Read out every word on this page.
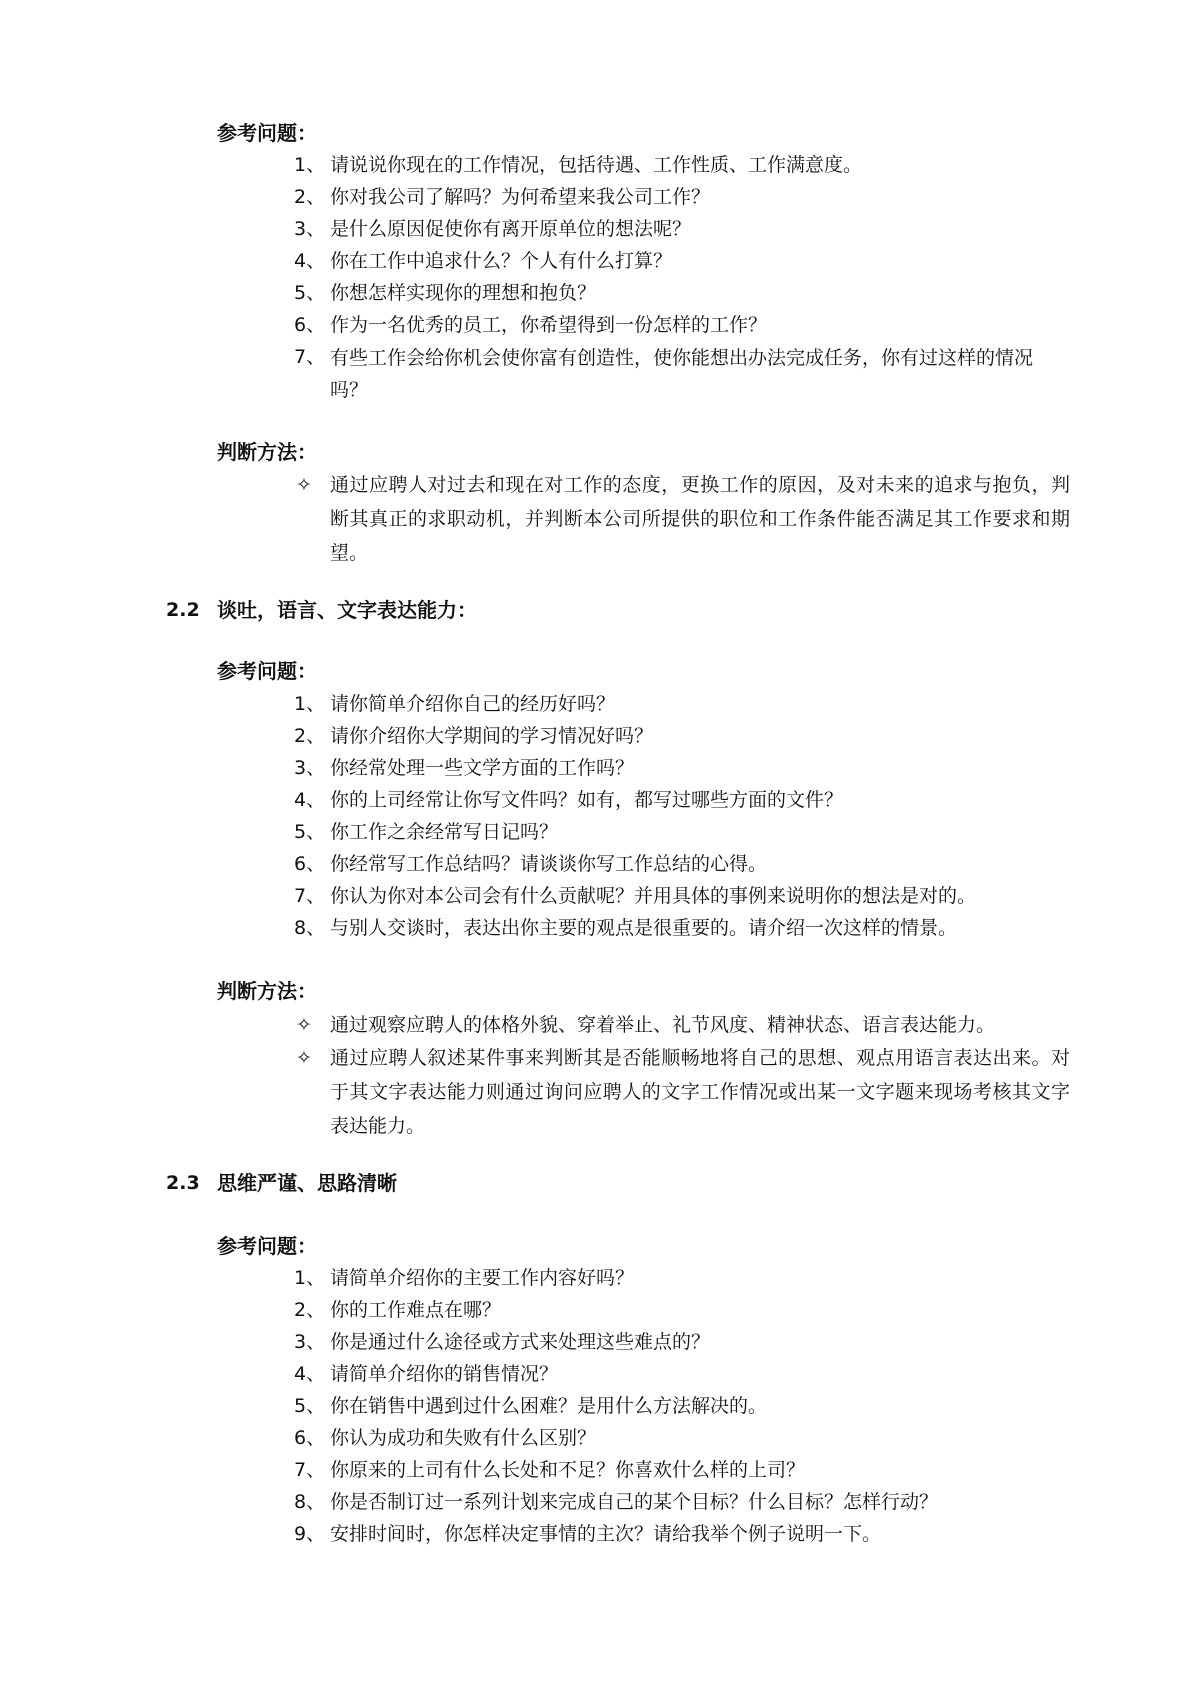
参考问题：
1、 请说说你现在的工作情况，包括待遇、工作性质、工作满意度。
2、 你对我公司了解吗？为何希望来我公司工作？
3、 是什么原因促使你有离开原单位的想法呢？
4、 你在工作中追求什么？个人有什么打算？
5、 你想怎样实现你的理想和抱负？
6、 作为一名优秀的员工，你希望得到一份怎样的工作？
7、 有些工作会给你机会使你富有创造性，使你能想出办法完成任务，你有过这样的情况吗？
判断方法：
✧ 通过应聘人对过去和现在对工作的态度，更换工作的原因，及对未来的追求与抱负，判断其真正的求职动机，并判断本公司所提供的职位和工作条件能否满足其工作要求和期望。
2.2 谈吐，语言、文字表达能力：
参考问题：
1、 请你简单介绍你自己的经历好吗？
2、 请你介绍你大学期间的学习情况好吗？
3、 你经常处理一些文学方面的工作吗？
4、 你的上司经常让你写文件吗？如有，都写过哪些方面的文件？
5、 你工作之余经常写日记吗？
6、 你经常写工作总结吗？请谈谈你写工作总结的心得。
7、 你认为你对本公司会有什么贡献呢？并用具体的事例来说明你的想法是对的。
8、 与别人交谈时，表达出你主要的观点是很重要的。请介绍一次这样的情景。
判断方法：
✧ 通过观察应聘人的体格外貌、穿着举止、礼节风度、精神状态、语言表达能力。
✧ 通过应聘人叙述某件事来判断其是否能顺畅地将自己的思想、观点用语言表达出来。对于其文字表达能力则通过询问应聘人的文字工作情况或出某一文字题来现场考核其文字表达能力。
2.3 思维严谨、思路清晰
参考问题：
1、 请简单介绍你的主要工作内容好吗？
2、 你的工作难点在哪？
3、 你是通过什么途径或方式来处理这些难点的？
4、 请简单介绍你的销售情况？
5、 你在销售中遇到过什么困难？是用什么方法解决的。
6、 你认为成功和失败有什么区别？
7、 你原来的上司有什么长处和不足？你喜欢什么样的上司？
8、 你是否制订过一系列计划来完成自己的某个目标？什么目标？怎样行动？
9、 安排时间时，你怎样决定事情的主次？请给我举个例子说明一下。
